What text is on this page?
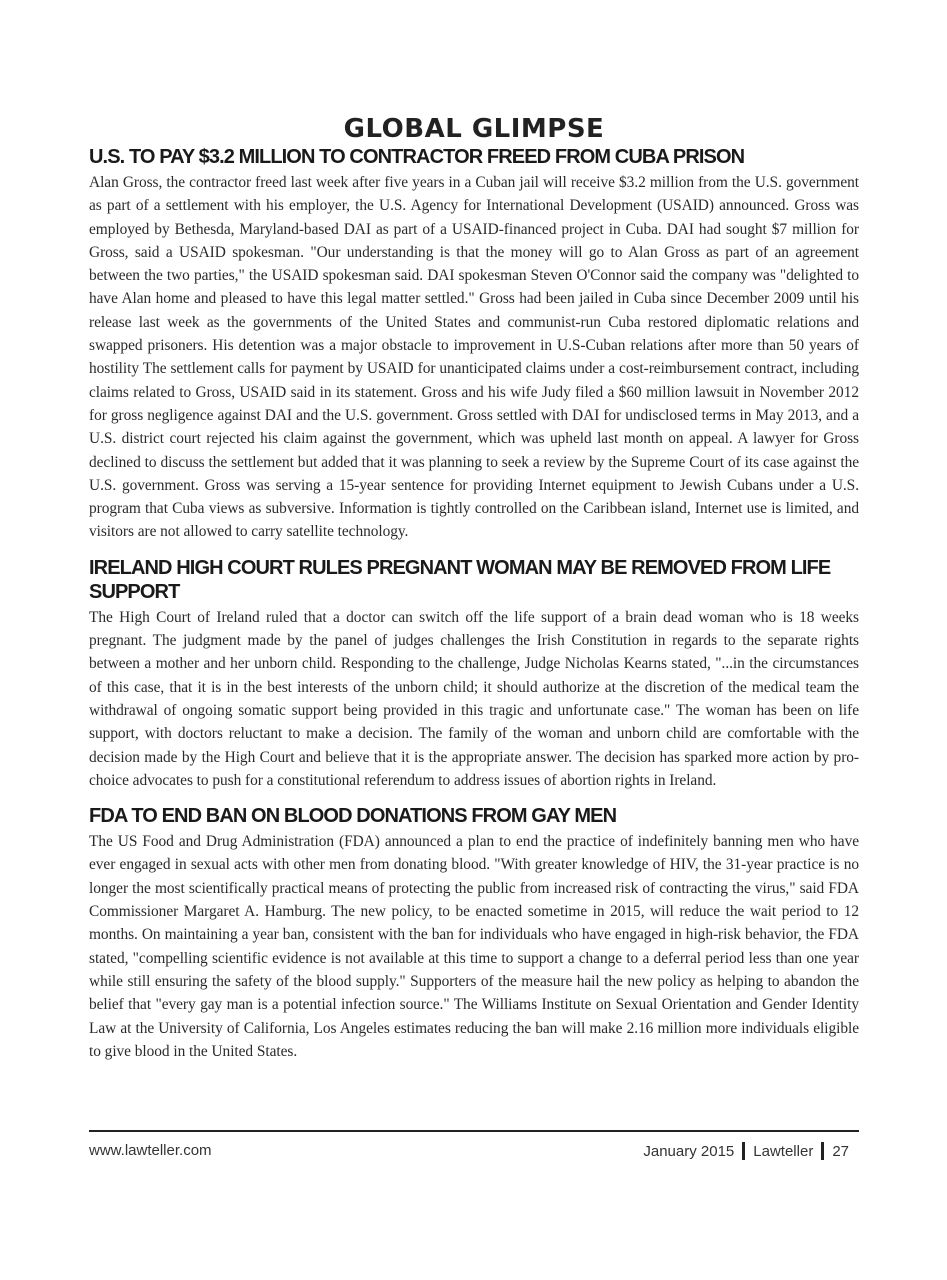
GLOBAL GLIMPSE
U.S. TO PAY $3.2 MILLION TO CONTRACTOR FREED FROM CUBA PRISON

Alan Gross, the contractor freed last week after five years in a Cuban jail will receive $3.2 million from the U.S. government as part of a settlement with his employer, the U.S. Agency for International Development (USAID) announced. Gross was employed by Bethesda, Maryland-based DAI as part of a USAID-financed project in Cuba. DAI had sought $7 million for Gross, said a USAID spokesman. "Our understanding is that the money will go to Alan Gross as part of an agreement between the two parties," the USAID spokesman said. DAI spokesman Steven O'Connor said the company was "delighted to have Alan home and pleased to have this legal matter settled." Gross had been jailed in Cuba since December 2009 until his release last week as the governments of the United States and communist-run Cuba restored diplomatic relations and swapped prisoners. His detention was a major obstacle to improvement in U.S-Cuban relations after more than 50 years of hostility The settlement calls for payment by USAID for unanticipated claims under a cost-reimbursement contract, including claims related to Gross, USAID said in its statement. Gross and his wife Judy filed a $60 million lawsuit in November 2012 for gross negligence against DAI and the U.S. government. Gross settled with DAI for undisclosed terms in May 2013, and a U.S. district court rejected his claim against the government, which was upheld last month on appeal. A lawyer for Gross declined to discuss the settlement but added that it was planning to seek a review by the Supreme Court of its case against the U.S. government. Gross was serving a 15-year sentence for providing Internet equipment to Jewish Cubans under a U.S. program that Cuba views as subversive. Information is tightly controlled on the Caribbean island, Internet use is limited, and visitors are not allowed to carry satellite technology.

IRELAND HIGH COURT RULES PREGNANT WOMAN MAY BE REMOVED FROM LIFE SUPPORT

The High Court of Ireland ruled that a doctor can switch off the life support of a brain dead woman who is 18 weeks pregnant. The judgment made by the panel of judges challenges the Irish Constitution in regards to the separate rights between a mother and her unborn child. Responding to the challenge, Judge Nicholas Kearns stated, "...in the circumstances of this case, that it is in the best interests of the unborn child; it should authorize at the discretion of the medical team the withdrawal of ongoing somatic support being provided in this tragic and unfortunate case." The woman has been on life support, with doctors reluctant to make a decision. The family of the woman and unborn child are comfortable with the decision made by the High Court and believe that it is the appropriate answer. The decision has sparked more action by pro-choice advocates to push for a constitutional referendum to address issues of abortion rights in Ireland.

FDA TO END BAN ON BLOOD DONATIONS FROM GAY MEN

The US Food and Drug Administration (FDA) announced a plan to end the practice of indefinitely banning men who have ever engaged in sexual acts with other men from donating blood. "With greater knowledge of HIV, the 31-year practice is no longer the most scientifically practical means of protecting the public from increased risk of contracting the virus," said FDA Commissioner Margaret A. Hamburg. The new policy, to be enacted sometime in 2015, will reduce the wait period to 12 months. On maintaining a year ban, consistent with the ban for individuals who have engaged in high-risk behavior, the FDA stated, "compelling scientific evidence is not available at this time to support a change to a deferral period less than one year while still ensuring the safety of the blood supply." Supporters of the measure hail the new policy as helping to abandon the belief that "every gay man is a potential infection source." The Williams Institute on Sexual Orientation and Gender Identity Law at the University of California, Los Angeles estimates reducing the ban will make 2.16 million more individuals eligible to give blood in the United States.

www.lawteller.com	January 2015 Lawteller 27
